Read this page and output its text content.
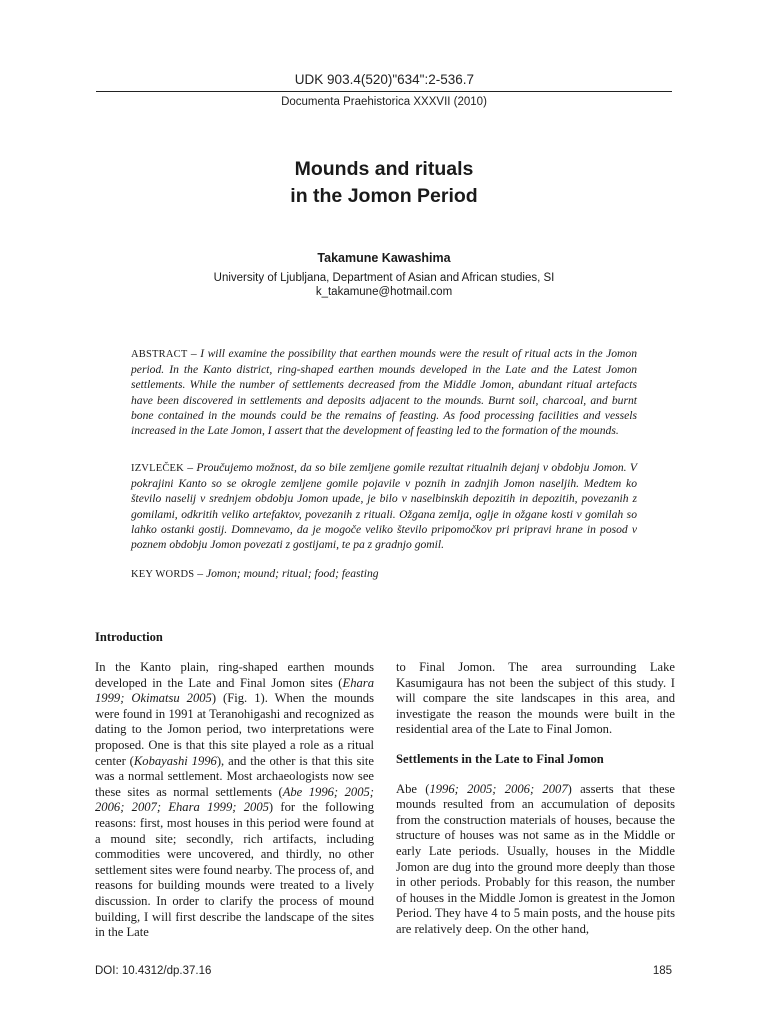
UDK 903.4(520)"634":2-536.7
Documenta Praehistorica XXXVII (2010)
Mounds and rituals
in the Jomon Period
Takamune Kawashima
University of Ljubljana, Department of Asian and African studies, SI
k_takamune@hotmail.com
ABSTRACT – I will examine the possibility that earthen mounds were the result of ritual acts in the Jomon period. In the Kanto district, ring-shaped earthen mounds developed in the Late and the Latest Jomon settlements. While the number of settlements decreased from the Middle Jomon, abundant ritual artefacts have been discovered in settlements and deposits adjacent to the mounds. Burnt soil, charcoal, and burnt bone contained in the mounds could be the remains of feasting. As food processing facilities and vessels increased in the Late Jomon, I assert that the development of feasting led to the formation of the mounds.
IZVLEČEK – Proučujemo možnost, da so bile zemljene gomile rezultat ritualnih dejanj v obdobju Jomon. V pokrajini Kanto so se okrogle zemljene gomile pojavile v poznih in zadnjih Jomon naseljih. Medtem ko število naselij v srednjem obdobju Jomon upade, je bilo v naselbinskih depozitih in depozitih, povezanih z gomilami, odkritih veliko artefaktov, povezanih z rituali. Ožgana zemlja, oglje in ožgane kosti v gomilah so lahko ostanki gostij. Domnevamo, da je mogoče veliko število pripomočkov pri pripravi hrane in posod v poznem obdobju Jomon povezati z gostijami, te pa z gradnjo gomil.
KEY WORDS – Jomon; mound; ritual; food; feasting
Introduction

In the Kanto plain, ring-shaped earthen mounds developed in the Late and Final Jomon sites (Ehara 1999; Okimatsu 2005) (Fig. 1). When the mounds were found in 1991 at Teranohigashi and recognized as dating to the Jomon period, two interpretations were proposed. One is that this site played a role as a ritual center (Kobayashi 1996), and the other is that this site was a normal settlement. Most archaeologists now see these sites as normal settlements (Abe 1996; 2005; 2006; 2007; Ehara 1999; 2005) for the following reasons: first, most houses in this period were found at a mound site; secondly, rich artifacts, including commodities were uncovered, and thirdly, no other settlement sites were found nearby. The process of, and reasons for building mounds were treated to a lively discussion. In order to clarify the process of mound building, I will first describe the landscape of the sites in the Late

to Final Jomon. The area surrounding Lake Kasumigaura has not been the subject of this study. I will compare the site landscapes in this area, and investigate the reason the mounds were built in the residential area of the Late to Final Jomon.

Settlements in the Late to Final Jomon

Abe (1996; 2005; 2006; 2007) asserts that these mounds resulted from an accumulation of deposits from the construction materials of houses, because the structure of houses was not same as in the Middle or early Late periods. Usually, houses in the Middle Jomon are dug into the ground more deeply than those in other periods. Probably for this reason, the number of houses in the Middle Jomon is greatest in the Jomon Period. They have 4 to 5 main posts, and the house pits are relatively deep. On the other hand,

DOI: 10.4312/dp.37.16	185
